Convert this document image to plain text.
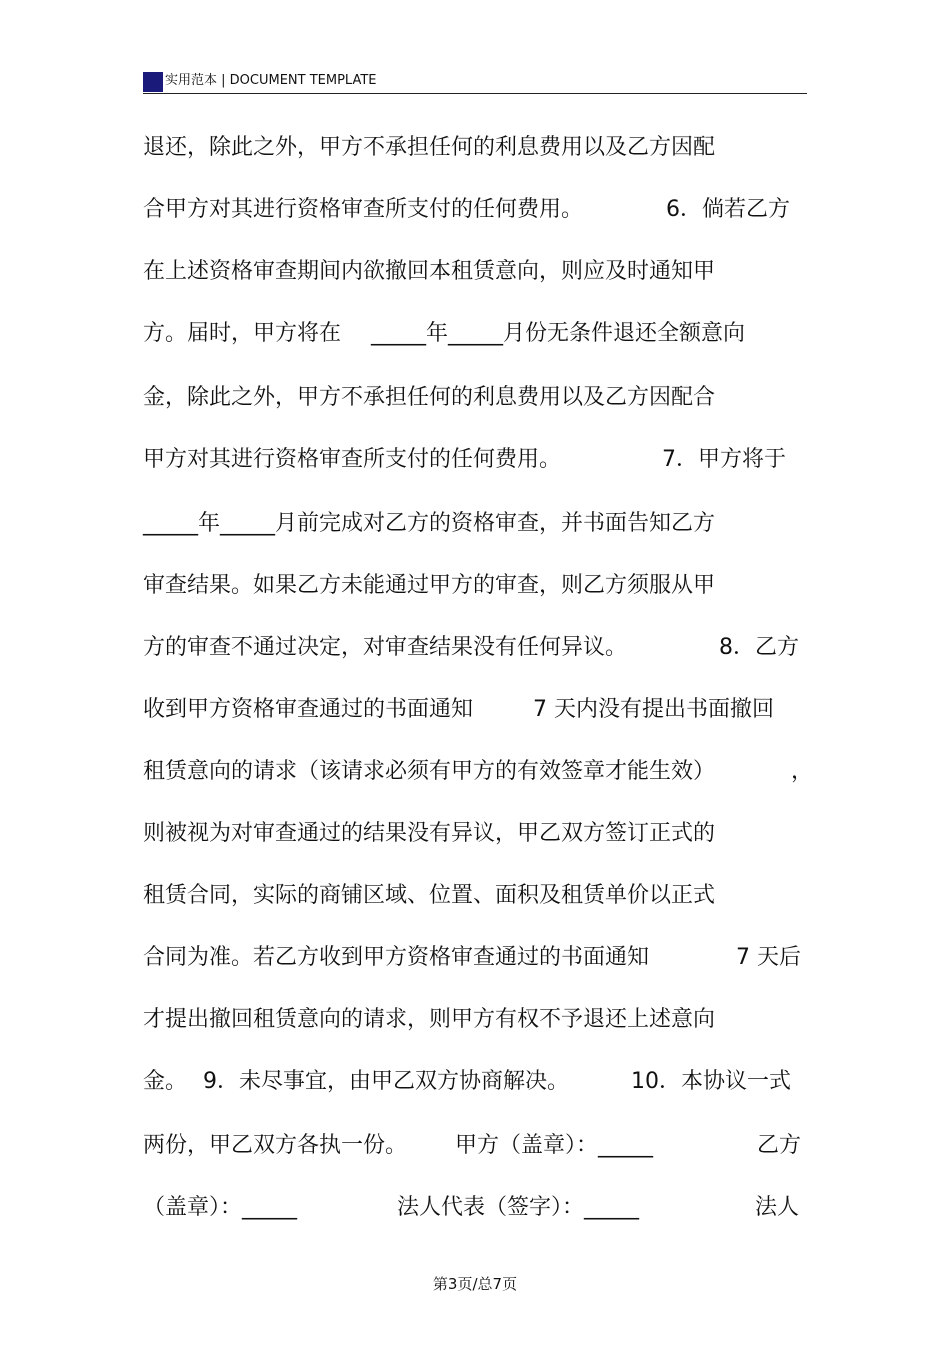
实用范本 | DOCUMENT TEMPLATE
退还，除此之外，甲方不承担任何的利息费用以及乙方因配
合甲方对其进行资格审查所支付的任何费用。	6．倘若乙方
在上述资格审查期间内欲撤回本租赁意向，则应及时通知甲
方。届时，甲方将在 _____年_____月份无条件退还全额意向
金，除此之外，甲方不承担任何的利息费用以及乙方因配合
甲方对其进行资格审查所支付的任何费用。	7．甲方将于
_____年_____月前完成对乙方的资格审查，并书面告知乙方
审查结果。如果乙方未能通过甲方的审查，则乙方须服从甲
方的审查不通过决定，对审查结果没有任何异议。	8．乙方
收到甲方资格审查通过的书面通知	7 天内没有提出书面撤回
租赁意向的请求（该请求必须有甲方的有效签章才能生效）	，
则被视为对审查通过的结果没有异议，甲乙双方签订正式的
租赁合同，实际的商铺区域、位置、面积及租赁单价以正式
合同为准。若乙方收到甲方资格审查通过的书面通知	7 天后
才提出撤回租赁意向的请求，则甲方有权不予退还上述意向
金。 9．未尽事宜，由甲乙双方协商解决。	10．本协议一式
两份，甲乙双方各执一份。 甲方（盖章）：_____	乙方
（盖章）：_____	法人代表（签字）：_____	法人
第3页/总7页
